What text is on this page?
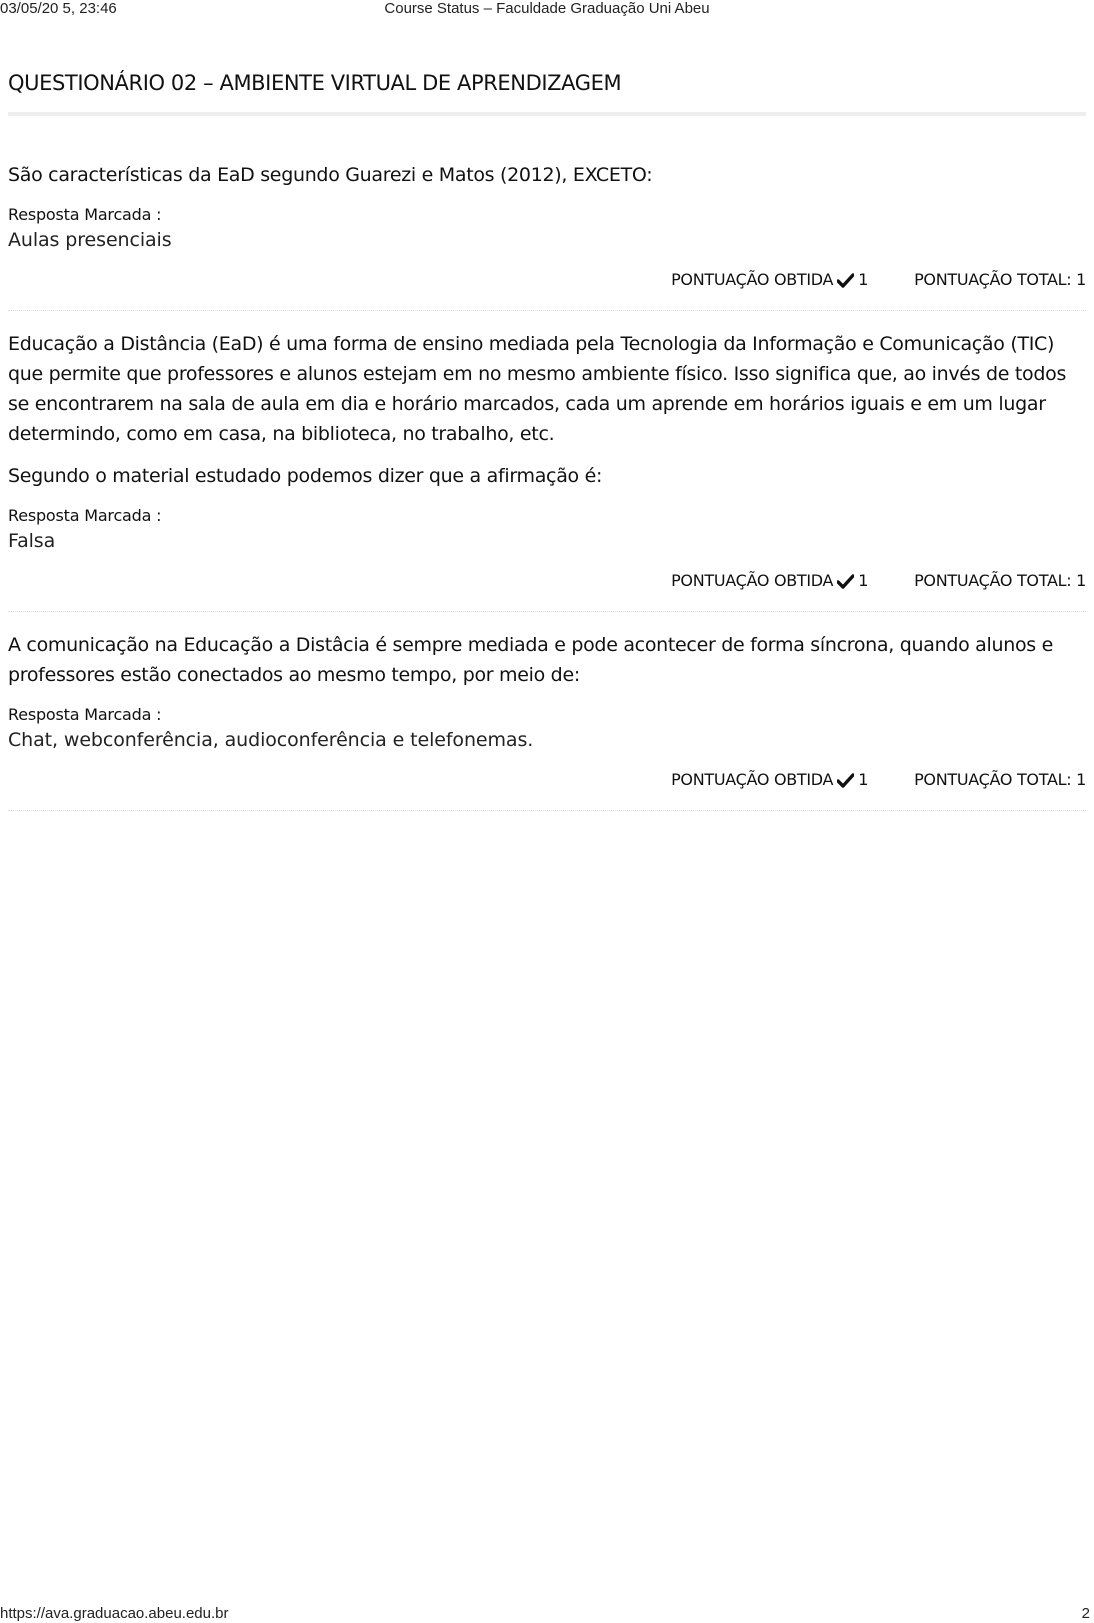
03/05/20 5, 23:46	Course Status – Faculdade Graduação Uni Abeu
QUESTIONÁRIO 02 – AMBIENTE VIRTUAL DE APRENDIZAGEM

São características da EaD segundo Guarezi e Matos (2012), EXCETO:

Resposta Marcada :
Aulas presenciais
PONTUAÇÃO OBTIDA 1	PONTUAÇÃO TOTAL: 1

Educação a Distância (EaD) é uma forma de ensino mediada pela Tecnologia da Informação e Comunicação (TIC) que permite que professores e alunos estejam em no mesmo ambiente físico. Isso significa que, ao invés de todos se encontrarem na sala de aula em dia e horário marcados, cada um aprende em horários iguais e em um lugar determindo, como em casa, na biblioteca, no trabalho, etc.

Segundo o material estudado podemos dizer que a afirmação é:

Resposta Marcada :
Falsa
PONTUAÇÃO OBTIDA 1	PONTUAÇÃO TOTAL: 1

A comunicação na Educação a Distâcia é sempre mediada e pode acontecer de forma síncrona, quando alunos e professores estão conectados ao mesmo tempo, por meio de:

Resposta Marcada :
Chat, webconferência, audioconferência e telefonemas.
PONTUAÇÃO OBTIDA 1	PONTUAÇÃO TOTAL: 1
https://ava.graduacao.abeu.edu.br	2
